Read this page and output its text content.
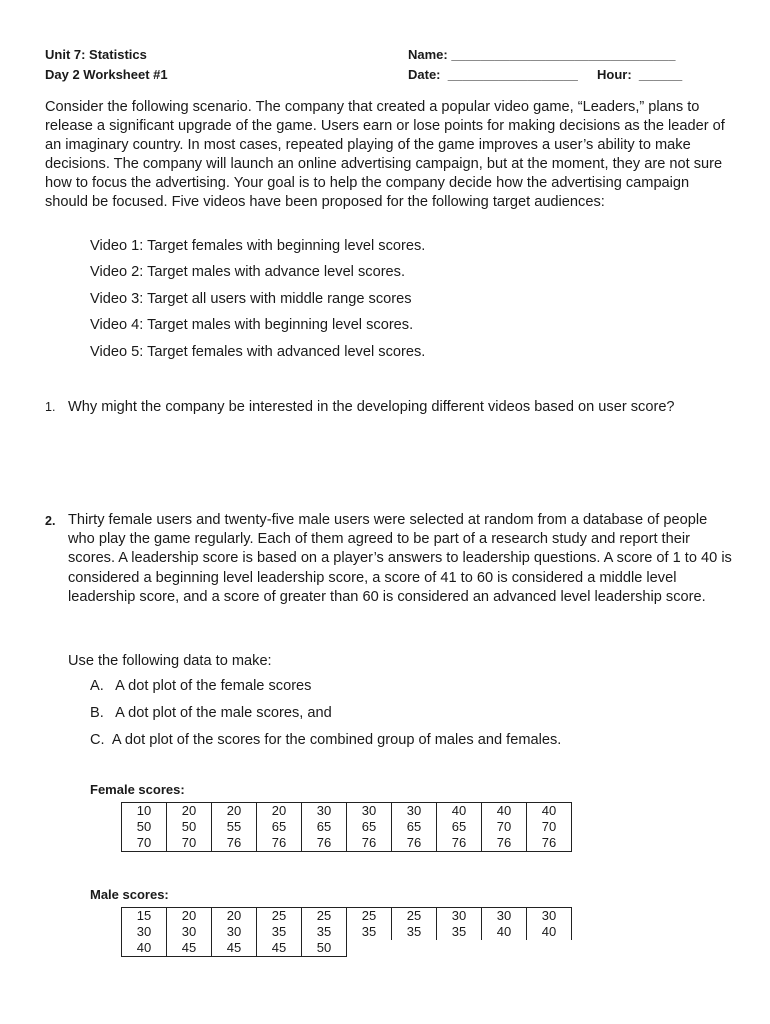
Unit 7: Statistics
Day 2 Worksheet #1
Name: _______________________________
Date:  __________________ Hour:  ______

Consider the following scenario. The company that created a popular video game, “Leaders,” plans to release a significant upgrade of the game. Users earn or lose points for making decisions as the leader of an imaginary country. In most cases, repeated playing of the game improves a user’s ability to make decisions. The company will launch an online advertising campaign, but at the moment, they are not sure how to focus the advertising. Your goal is to help the company decide how the advertising campaign should be focused. Five videos have been proposed for the following target audiences:

Video 1: Target females with beginning level scores.
Video 2: Target males with advance level scores.
Video 3: Target all users with middle range scores
Video 4: Target males with beginning level scores.
Video 5: Target females with advanced level scores.
1. Why might the company be interested in the developing different videos based on user score?
2. Thirty female users and twenty-five male users were selected at random from a database of people who play the game regularly. Each of them agreed to be part of a research study and report their scores. A leadership score is based on a player’s answers to leadership questions. A score of 1 to 40 is considered a beginning level leadership score, a score of 41 to 60 is considered a middle level leadership score, and a score of greater than 60 is considered an advanced level leadership score.

Use the following data to make:
A.   A dot plot of the female scores
B.   A dot plot of the male scores, and
C.  A dot plot of the scores for the combined group of males and females.
Female scores:
10	20	20	20	30	30	30	40	40	40
50	50	55	65	65	65	65	65	70	70
70	70	76	76	76	76	76	76	76	76
Male scores:
15	20	20	25	25	25	25	30	30	30
30	30	30	35	35	35	35	35	40	40
40	45	45	45	50					
